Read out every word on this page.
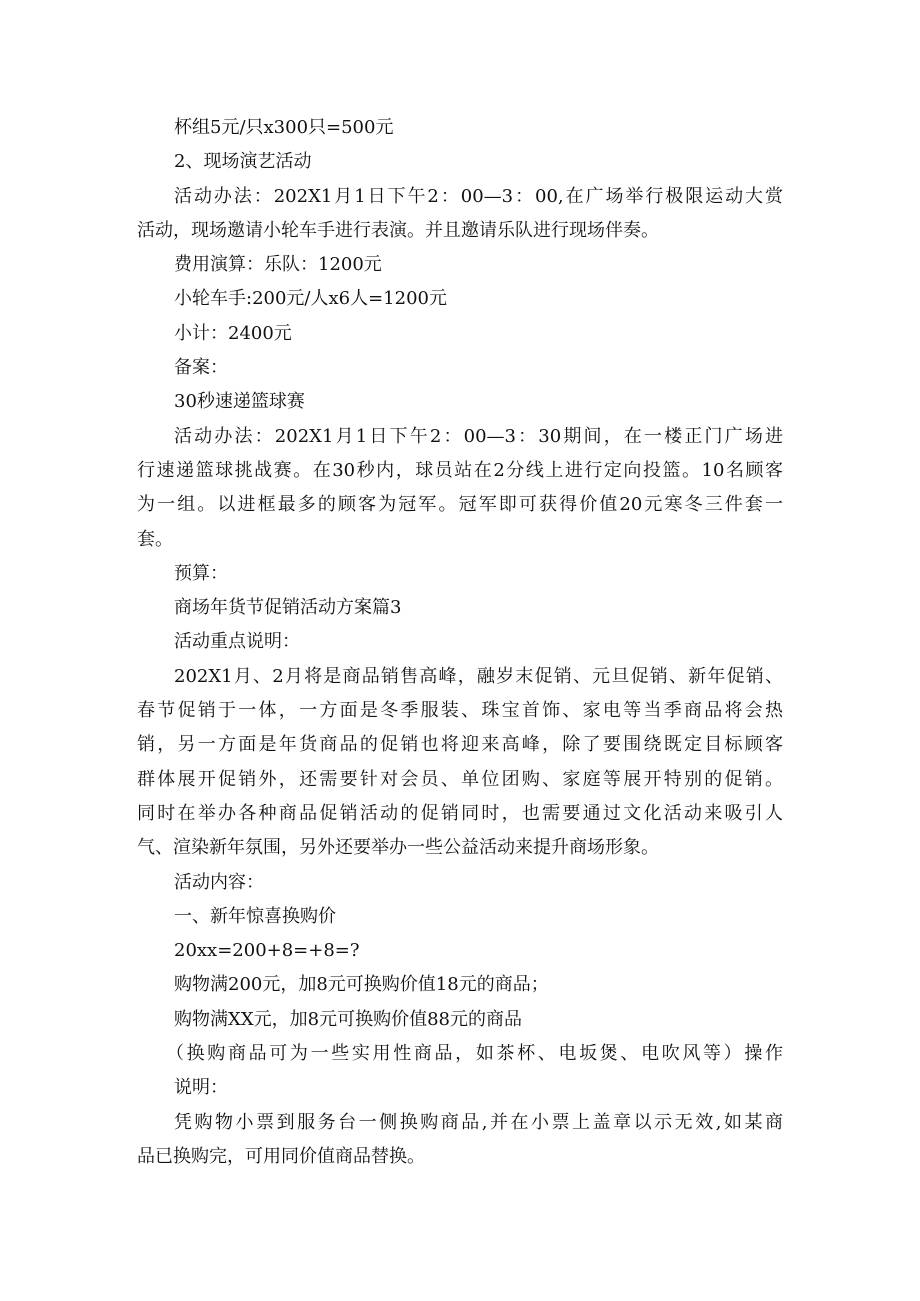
杯组5元/只x300只=500元
2、现场演艺活动
活动办法：202X1月1日下午2：00—3：00,在广场举行极限运动大赏
活动，现场邀请小轮车手进行表演。并且邀请乐队进行现场伴奏。
费用演算：乐队：1200元
小轮车手:200元/人x6人=1200元
小计：2400元
备案：
30秒速递篮球赛
活动办法：202X1月1日下午2：00—3：30期间，在一楼正门广场进
行速递篮球挑战赛。在30秒内，球员站在2分线上进行定向投篮。10名顾客
为一组。以进框最多的顾客为冠军。冠军即可获得价值20元寒冬三件套一
套。
预算：
商场年货节促销活动方案篇3
活动重点说明：
202X1月、2月将是商品销售高峰，融岁末促销、元旦促销、新年促销、
春节促销于一体，一方面是冬季服装、珠宝首饰、家电等当季商品将会热
销，另一方面是年货商品的促销也将迎来高峰，除了要围绕既定目标顾客
群体展开促销外，还需要针对会员、单位团购、家庭等展开特别的促销。
同时在举办各种商品促销活动的促销同时，也需要通过文化活动来吸引人
气、渲染新年氛围，另外还要举办一些公益活动来提升商场形象。
活动内容：
一、新年惊喜换购价
20xx=200+8=+8=?
购物满200元，加8元可换购价值18元的商品；
购物满XX元，加8元可换购价值88元的商品
（换购商品可为一些实用性商品，如茶杯、电坂煲、电吹风等）操作
说明：
凭购物小票到服务台一侧换购商品,并在小票上盖章以示无效,如某商
品已换购完，可用同价值商品替换。
